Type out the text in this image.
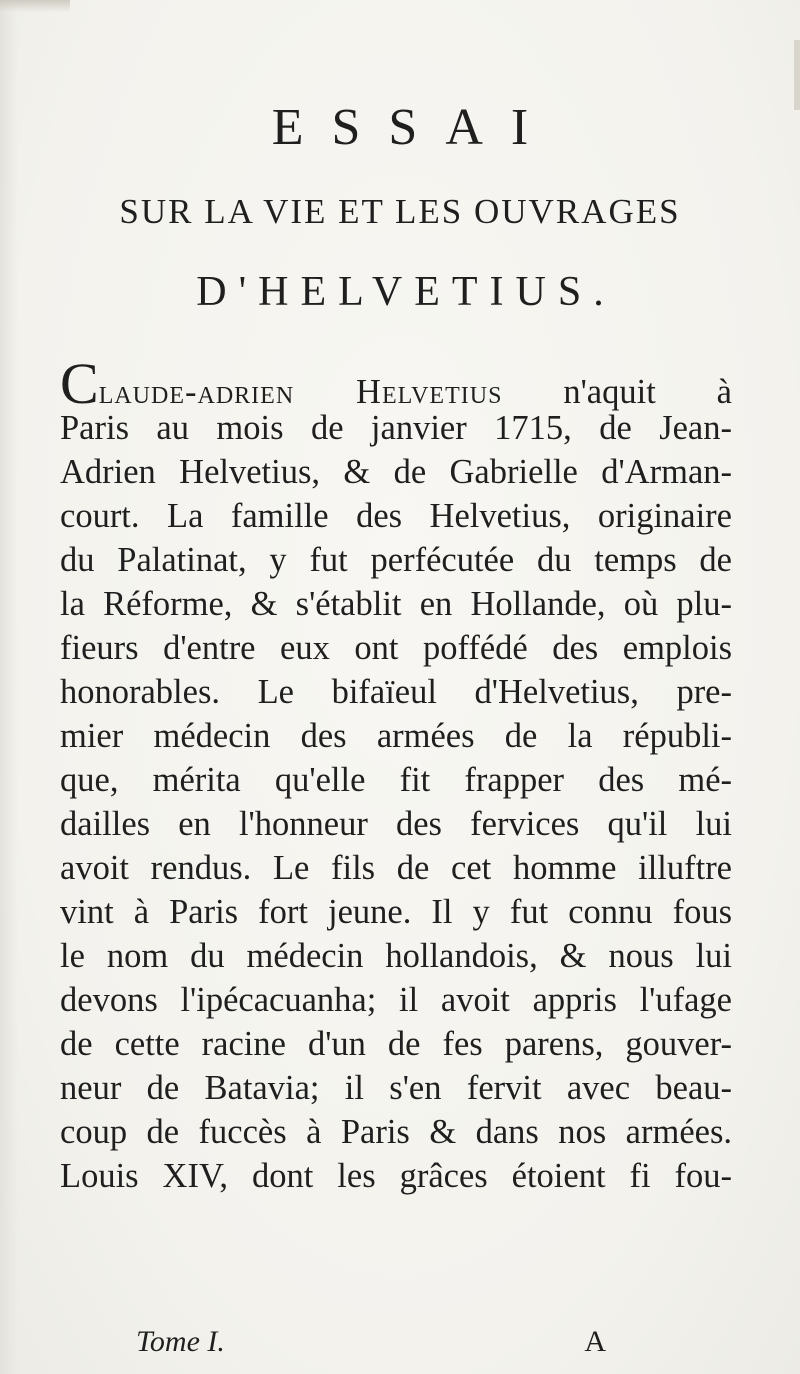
ESSAI
SUR LA VIE ET LES OUVRAGES
D'HELVETIUS.
Claude-adrien Helvetius n'aquit à
Paris au mois de janvier 1715, de Jean-
Adrien Helvetius, & de Gabrielle d'Arman-
court. La famille des Helvetius, originaire
du Palatinat, y fut perfécutée du temps de
la Réforme, & s'établit en Hollande, où plu-
fieurs d'entre eux ont poffédé des emplois
honorables. Le bifaïeul d'Helvetius, pre-
mier médecin des armées de la républi-
que, mérita qu'elle fit frapper des mé-
dailles en l'honneur des fervices qu'il lui
avoit rendus. Le fils de cet homme illuftre
vint à Paris fort jeune. Il y fut connu fous
le nom du médecin hollandois, & nous lui
devons l'ipécacuanha; il avoit appris l'ufage
de cette racine d'un de fes parens, gouver-
neur de Batavia; il s'en fervit avec beau-
coup de fuccès à Paris & dans nos armées.
Louis XIV, dont les grâces étoient fi fou-
Tome I.	A
